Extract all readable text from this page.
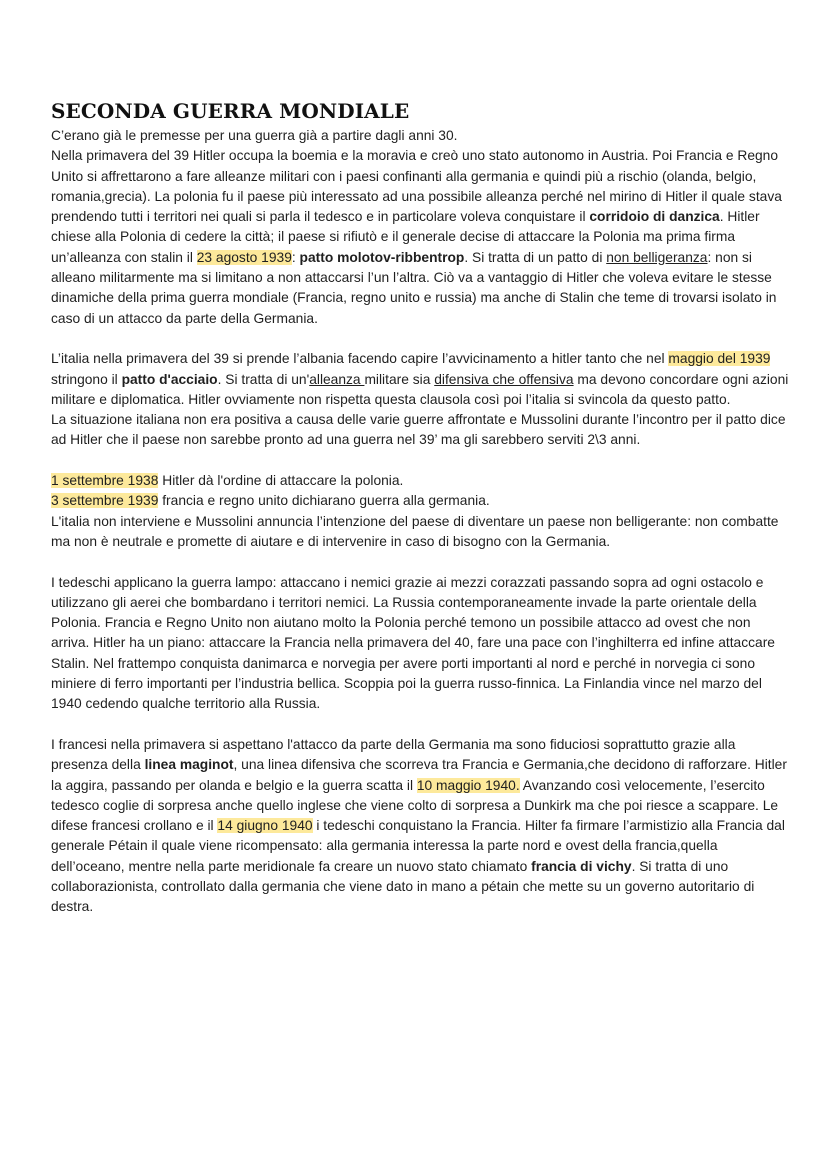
SECONDA GUERRA MONDIALE

C’erano già le premesse per una guerra già a partire dagli anni 30.

Nella primavera del 39 Hitler occupa la boemia e la moravia e creò uno stato autonomo in Austria. Poi Francia e Regno Unito si affrettarono a fare alleanze militari con i paesi confinanti alla germania e quindi più a rischio (olanda, belgio, romania,grecia). La polonia fu il paese più interessato ad una possibile alleanza perché nel mirino di Hitler il quale stava prendendo tutti i territori nei quali si parla il tedesco e in particolare voleva conquistare il corridoio di danzica. Hitler chiese alla Polonia di cedere la città; il paese si rifiutò e il generale decise di attaccare la Polonia ma prima firma un’alleanza con stalin il 23 agosto 1939: patto molotov-ribbentrop. Si tratta di un patto di non belligeranza: non si alleano militarmente ma si limitano a non attaccarsi l’un l’altra. Ciò va a vantaggio di Hitler che voleva evitare le stesse dinamiche della prima guerra mondiale (Francia, regno unito e russia) ma anche di Stalin che teme di trovarsi isolato in caso di un attacco da parte della Germania.

L’italia nella primavera del 39 si prende l’albania facendo capire l’avvicinamento a hitler tanto che nel maggio del 1939 stringono il patto d'acciaio. Si tratta di un'alleanza militare sia difensiva che offensiva ma devono concordare ogni azioni militare e diplomatica. Hitler ovviamente non rispetta questa clausola così poi l’italia si svincola da questo patto.

La situazione italiana non era positiva a causa delle varie guerre affrontate e Mussolini durante l’incontro per il patto dice ad Hitler che il paese non sarebbe pronto ad una guerra nel 39’ ma gli sarebbero serviti 2\3 anni.

1 settembre 1938 Hitler dà l'ordine di attaccare la polonia.

3 settembre 1939 francia e regno unito dichiarano guerra alla germania.

L'italia non interviene e Mussolini annuncia l’intenzione del paese di diventare un paese non belligerante: non combatte ma non è neutrale e promette di aiutare e di intervenire in caso di bisogno con la Germania.

I tedeschi applicano la guerra lampo: attaccano i nemici grazie ai mezzi corazzati passando sopra ad ogni ostacolo e utilizzano gli aerei che bombardano i territori nemici. La Russia contemporaneamente invade la parte orientale della Polonia. Francia e Regno Unito non aiutano molto la Polonia perché temono un possibile attacco ad ovest che non arriva. Hitler ha un piano: attaccare la Francia nella primavera del 40, fare una pace con l’inghilterra ed infine attaccare Stalin. Nel frattempo conquista danimarca e norvegia per avere porti importanti al nord e perché in norvegia ci sono miniere di ferro importanti per l’industria bellica. Scoppia poi la guerra russo-finnica. La Finlandia vince nel marzo del 1940 cedendo qualche territorio alla Russia.

I francesi nella primavera si aspettano l'attacco da parte della Germania ma sono fiduciosi soprattutto grazie alla presenza della linea maginot, una linea difensiva che scorreva tra Francia e Germania,che decidono di rafforzare. Hitler la aggira, passando per olanda e belgio e la guerra scatta il 10 maggio 1940. Avanzando così velocemente, l’esercito tedesco coglie di sorpresa anche quello inglese che viene colto di sorpresa a Dunkirk ma che poi riesce a scappare. Le difese francesi crollano e il 14 giugno 1940 i tedeschi conquistano la Francia. Hilter fa firmare l’armistizio alla Francia dal generale Pétain il quale viene ricompensato: alla germania interessa la parte nord e ovest della francia,quella dell’oceano, mentre nella parte meridionale fa creare un nuovo stato chiamato francia di vichy. Si tratta di uno collaborazionista, controllato dalla germania che viene dato in mano a pétain che mette su un governo autoritario di destra.
